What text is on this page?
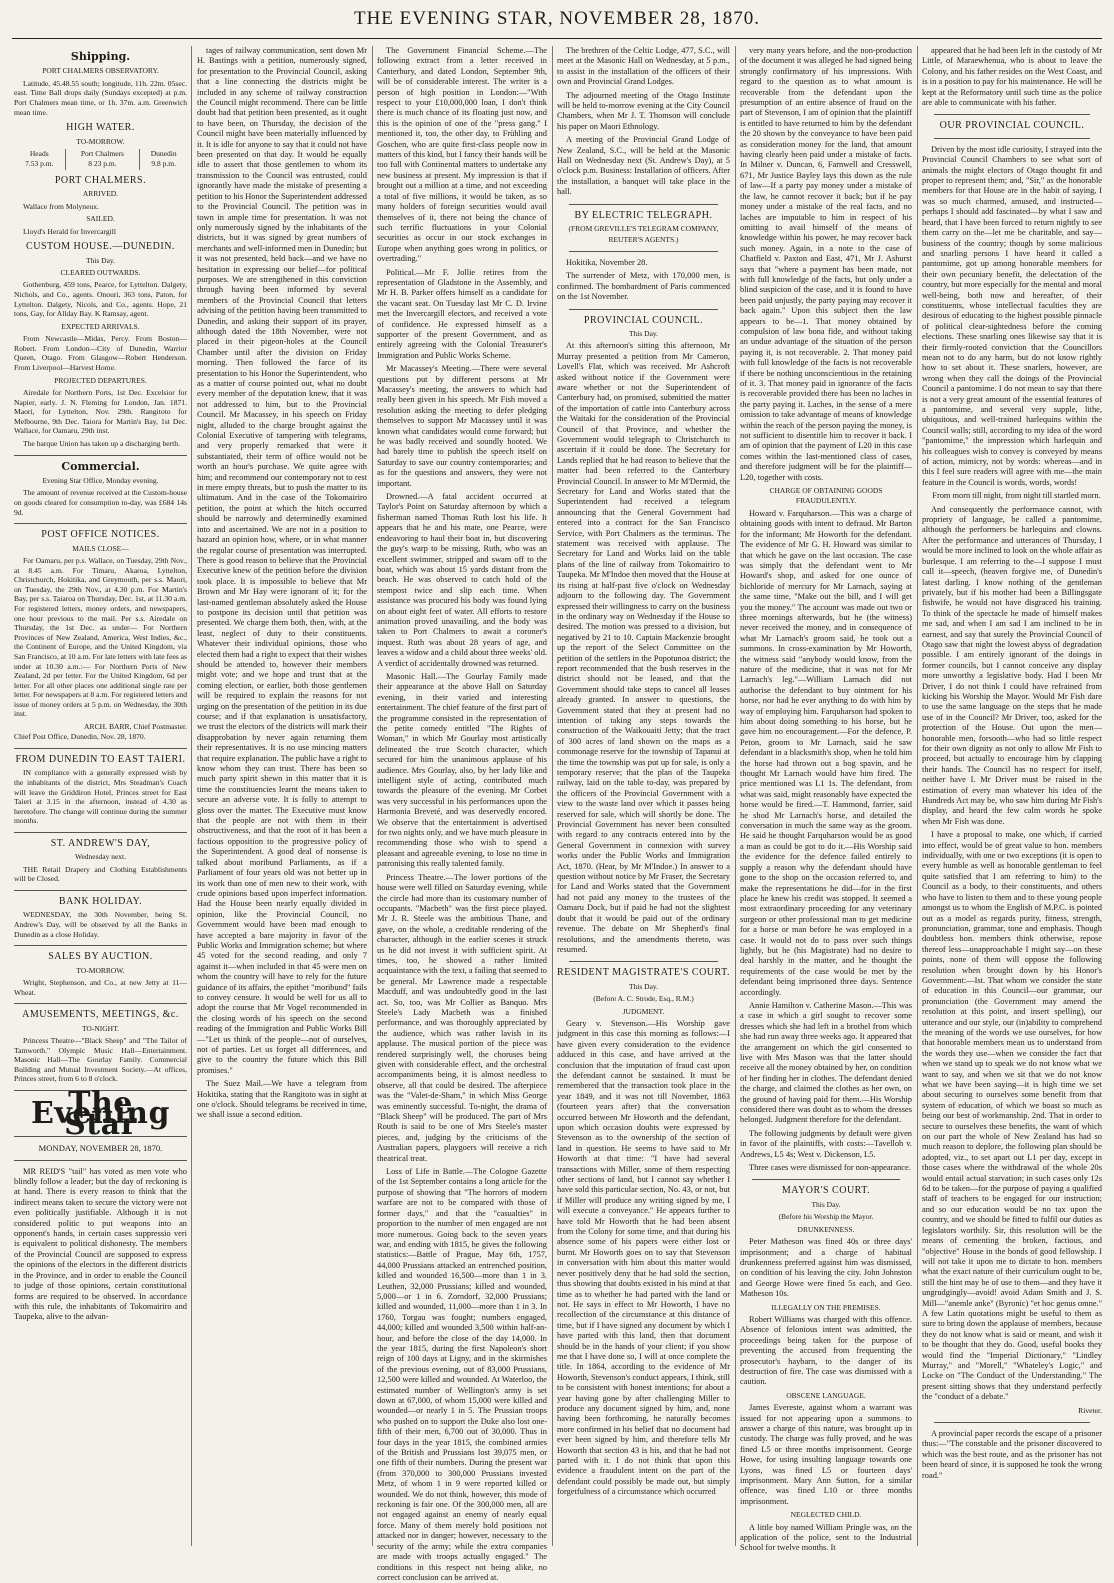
THE EVENING STAR, NOVEMBER 28, 1870.
Shipping.
PORT CHALMERS OBSERVATORY.

Latitude, 45.48.55 south; longitude, 11h. 22m. 05sec. east. Time Ball drops daily (Sundays excepted) at p.m. Port Chalmers mean time, or 1h. 37m. a.m. Greenwich mean time.

HIGH WATER.
TO-MORROW.
Heads	Port Chalmers	Dunedin
7.53 p.m.	8 23 p.m.	9.8 p.m.
PORT CHALMERS.
ARRIVED.

Wallace from Molyneux.

SAILED.

Lloyd's Herald for Invercargill

CUSTOM HOUSE.—DUNEDIN.
This Day.
CLEARED OUTWARDS.

Gothenburg, 459 tons, Pearce, for Lyttelton. Dalgety, Nichols, and Co., agents. Onouri, 363 tons, Paton, for Lyttelton. Dalgety, Nicols, and Co., agents. Hope, 21 tons, Gay, for Allday Bay. K Ramsay, agent.

EXPECTED ARRIVALS.

From Newcastle—Midas, Percy. From Boston—Robert. From London—City of Dunedin, Warrior Queen, Otago. From Glasgow—Robert Henderson. From Liverpool—Harvest Home.

PROJECTED DEPARTURES.

Airedale for Northern Ports, 1st Dec. Excelsior for Napier, early. J. N. Fleming for London, Jan. 1871. Maori, for Lyttelton, Nov. 29th. Rangitoto for Melbourne, 9th Dec. Taiora for Martin's Bay, 1st Dec. Wallace, for Oamaru, 29th inst.

The barque Union has taken up a discharging berth.

Commercial.
Evening Star Office, Monday evening.

The amount of revenue received at the Custom-house on goods cleared for consumption to-day, was £684 14s 9d.

POST OFFICE NOTICES.
MAILS CLOSE—

For Oamaru, per p.s. Wallace, on Tuesday, 29th Nov., at 8.45 a.m. For Timaru, Akaroa, Lyttelton, Christchurch, Hokitika, and Greymouth, per s.s. Maori, on Tuesday, the 29th Nov., at 4.30 p.m. For Martin's Bay, per s.s. Taiaroa on Thursday, Dec. 1st, at 11.30 a.m. For registered letters, money orders, and newspapers, one hour previous to the mail. Per s.s. Airedale on Thursday, the 1st Dec. as under— For Northern Provinces of New Zealand, America, West Indies, &c., the Continent of Europe, and the United Kingdom, via San Francisco, at 10 a.m. For late letters with late fees as under at 10.30 a.m.:— For Northern Ports of New Zealand, 2d per letter. For the United Kingdom, 6d per letter. For all other places one additional single rate per letter. For newspapers at 8 a.m. For registered letters and issue of money orders at 5 p.m. on Wednesday, the 30th inst.

ARCH. BARR, Chief Postmaster.
Chief Post Office, Dunedin, Nov. 28, 1870.
FROM DUNEDIN TO EAST TAIERI.

IN compliance with a generally expressed wish by the inhabitants of the district, Mrs Steadman's Coach will leave the Griddiron Hotel, Princes street for East Taieri at 3.15 in the afternoon, instead of 4.30 as heretofore. The change will continue during the summer months.

ST. ANDREW'S DAY,
Wednesday next.

THE Retail Drapery and Clothing Establishments will be Closed.

BANK HOLIDAY.

WEDNESDAY, the 30th November, being St. Andrew's Day, will be observed by all the Banks in Dunedin as a close Holiday.

SALES BY AUCTION.
TO-MORROW.

Wright, Stephenson, and Co., at new Jetty at 11—Wheat.

AMUSEMENTS, MEETINGS, &c.
TO-NIGHT.

Princess Theatre—"Black Sheep" and "The Tailor of Tamworth." Olympic Music Hall—Entertainment. Masonic Hall—The Gourlay Family. Commercial Building and Mutual Investment Society.—At offices, Princes street, from 6 to 8 o'clock.

The Evening Star
MONDAY, NOVEMBER 28, 1870.

MR REID'S "tail" has voted as men vote who blindly follow a leader; but the day of reckoning is at hand. There is every reason to think that the indirect means taken to secure the victory were not even politically justifiable. Although it is not considered politic to put weapons into an opponent's hands, in certain cases suppressio veri is equivalent to political dishonesty. The members of the Provincial Council are supposed to express the opinions of the electors in the different districts in the Province, and in order to enable the Council to judge of those opinions, certain constitutional forms are required to be observed. In accordance with this rule, the inhabitants of Tokomairiro and Taupeka, alive to the advan-

tages of railway communication, sent down Mr H. Bastings with a petition, numerously signed, for presentation to the Provincial Council, asking that a line connecting the districts might be included in any scheme of railway construction the Council might recommend. There can be little doubt had that petition been presented, as it ought to have been, on Thursday, the decision of the Council might have been materially influenced by it. It is idle for anyone to say that it could not have been presented on that day. It would be equally idle to assert that those gentlemen to whom its transmission to the Council was entrusted, could ignorantly have made the mistake of presenting a petition to his Honor the Superintendent addressed to the Provincial Council. The petition was in town in ample time for presentation. It was not only numerously signed by the inhabitants of the districts, but it was signed by great numbers of merchants and well-informed men in Dunedin; but it was not presented, held back—and we have no hesitation in expressing our belief—for political purposes. We are strengthened in this conviction through having been informed by several members of the Provincial Council that letters advising of the petition having been transmitted to Dunedin, and asking their support of its prayer, although dated the 18th November, were not placed in their pigeon-holes at the Council Chamber until after the division on Friday morning. Then followed the farce of its presentation to his Honor the Superintendent, who as a matter of course pointed out, what no doubt every member of the deputation knew, that it was not addressed to him, but to the Provincial Council. Mr Macassey, in his speech on Friday night, alluded to the charge brought against the Colonial Executive of tampering with telegrams, and very properly remarked that were it substantiated, their term of office would not be worth an hour's purchase. We quite agree with him; and recommend our contemporary not to rest in mere empty threats, but to push the matter to its ultimatum. And in the case of the Tokomairiro petition, the point at which the hitch occurred should be narrowly and determinedly examined into and ascertained. We are not in a position to hazard an opinion how, where, or in what manner the regular course of presentation was interrupted. There is good reason to believe that the Provincial Executive knew of the petition before the division took place. It is impossible to believe that Mr Brown and Mr Hay were ignorant of it; for the last-named gentleman absolutely asked the House to postpone its decision until that petition was presented. We charge them both, then, with, at the least, neglect of duty to their constituents. Whatever their individual opinions, those who elected them had a right to expect that their wishes should be attended to, however their members might vote; and we hope and trust that at the coming election, or earlier, both those gentlemen will be required to explain the reasons for not urging on the presentation of the petition in its due course; and if that explanation is unsatisfactory, we trust the electors of the districts will mark their disapprobation by never again returning them their representatives. It is no use mincing matters that require explanation. The public have a right to know whom they can trust. There has been so much party spirit shewn in this matter that it is time the constituencies learnt the means taken to secure an adverse vote. It is folly to attempt to gloss over the matter. The Executive must know that the people are not with them in their obstructiveness, and that the root of it has been a factious opposition to the progressive policy of the Superintendent. A good deal of nonsense is talked about moribund Parliaments, as if a Parliament of four years old was not better up in its work than one of men new to their work, with crude opinions based upon imperfect information. Had the House been nearly equally divided in opinion, like the Provincial Council, no Government would have been mad enough to have accepted a bare majority in favor of the Public Works and Immigration scheme; but where 45 voted for the second reading, and only 7 against it—when included in that 45 were men on whom the country will have to rely for the future guidance of its affairs, the epithet "moribund" fails to convey censure. It would be well for us all to adopt the course that Mr Vogel recommended in the closing words of his speech on the second reading of the Immigration and Public Works Bill—"Let us think of the people—not of ourselves, not of parties. Let us forget all differences, and give to the country the future which this Bill promises."

The Suez Mail.—We have a telegram from Hokitika, stating that the Rangitoto was in sight at one o'clock. Should telegrams be received in time, we shall issue a second edition.

The Government Financial Scheme.—The following extract from a letter received in Canterbury, and dated London, September 9th, will be of considerable interest. The writer is a person of high position in London:—"With respect to your £10,000,000 loan, I don't think there is much chance of its floating just now, and this is the opinion of one of the "press gang." I mentioned it, too, the other day, to Frühling and Goschen, who are quite first-class people now in matters of this kind, but I fancy their hands will be too full with Continental matters to undertake any new business at present. My impression is that if brought out a million at a time, and not exceeding a total of five millions, it would be taken, as so many holders of foreign securities would avail themselves of it, there not being the chance of such terrific fluctuations in your Colonial securities as occur in our stock exchanges in Europe when anything goes wrong in politics, or overtrading."

Political.—Mr F. Jollie retires from the representation of Gladstone in the Assembly, and Mr H. B. Parker offers himself as a candidate for the vacant seat. On Tuesday last Mr C. D. Irvine met the Invercargill electors, and received a vote of confidence. He expressed himself as a supporter of the present Government, and as entirely agreeing with the Colonial Treasurer's Immigration and Public Works Scheme.

Mr Macassey's Meeting.—There were several questions put by different persons at Mr Macassey's meeting, the answers to which had really been given in his speech. Mr Fish moved a resolution asking the meeting to defer pledging themselves to support Mr Macassey until it was known what candidates would come forward; but he was badly received and soundly hooted. We had barely time to publish the speech itself on Saturday to save our country contemporaries; and as for the questions and answers, they were not important.

Drowned.—A fatal accident occurred at Taylor's Point on Saturday afternoon by which a fisherman named Thomas Ruth lost his life. It appears that he and his mate, one Pearce, were endeavoring to haul their boat in, but discovering the guy's warp to be missing, Ruth, who was an excellent swimmer, stripped and swam off to the boat, which was about 15 yards distant from the beach. He was observed to catch hold of the stempost twice and slip each time. When assistance was procured his body was found lying on about eight feet of water. All efforts to restore animation proved unavailing, and the body was taken to Port Chalmers to await a coroner's inquest. Ruth was about 28 years of age, and leaves a widow and a child about three weeks' old. A verdict of accidentally drowned was returned.

Masonic Hall.—The Gourlay Family made their appearance at the above Hall on Saturday evening, in their varied and interesting entertainment. The chief feature of the first part of the programme consisted in the representation of the petite comedy entitled "The Rights of Woman," in which Mr Gourlay most artistically delineated the true Scotch character, which secured for him the unanimous applause of his audience. Mrs Gourlay, also, by her lady like and intelligent style of acting, contributed much towards the pleasure of the evening. Mr Corbet was very successful in his performances upon the Harmonia Breveté, and was deservedly encored. We observe that the entertainment is advertised for two nights only, and we have much pleasure in recommending those who wish to spend a pleasant and agreeable evening, to lose no time in patronising this really talented family.

Princess Theatre.—The lower portions of the house were well filled on Saturday evening, while the circle had more than its customary number of occupants. "Macbeth" was the first piece played. Mr J. R. Steele was the ambitious Thane, and gave, on the whole, a creditable rendering of the character, although in the earlier scenes it struck us he did not invest it with sufficient spirit. At times, too, he showed a rather limited acquaintance with the text, a failing that seemed to be general. Mr Lawrence made a respectable Macduff, and was undoubtedly good in the last act. So, too, was Mr Collier as Banquo. Mrs Steele's Lady Macbeth was a finished performance, and was thoroughly appreciated by the audience, which was rather lavish in its applause. The musical portion of the piece was rendered surprisingly well, the choruses being given with considerable effect, and the orchestral accompaniments being, it is almost needless to observe, all that could be desired. The afterpiece was the "Valet-de-Sham," in which Miss George was eminently successful. To-night, the drama of "Black Sheep" will be produced. The part of Mrs Routh is said to be one of Mrs Steele's master pieces, and, judging by the criticisms of the Australian papers, playgoers will receive a rich theatrical treat.

Loss of Life in Battle.—The Cologne Gazette of the 1st September contains a long article for the purpose of showing that "The horrors of modern warfare are not to be compared with those of former days," and that the "casualties" in proportion to the number of men engaged are not more numerous. Going back to the seven years war, and ending with 1815, he gives the following statistics:—Battle of Prague, May 6th, 1757, 44,000 Prussians attacked an entrenched position, killed and wounded 16,500—more than 1 in 3. Leuthen, 32,000 Prussians; killed and wounded, 5,000—or 1 in 6. Zorndorf, 32,000 Prussians; killed and wounded, 11,000—more than 1 in 3. In 1760, Torgau was fought; numbers engaged, 44,000; killed and wounded 3,500 within half-an-hour, and before the close of the day 14,000. In the year 1815, during the first Napoleon's short reign of 100 days at Ligny, and in the skirmishes of the previous evening, out of 83,000 Prussians, 12,500 were killed and wounded. At Waterloo, the estimated number of Wellington's army is set down at 67,000, of whom 15,000 were killed and wounded—or nearly 1 in 5. The Prussian troops who pushed on to support the Duke also lost one-fifth of their men, 6,700 out of 30,000. Thus in four days in the year 1815, the combined armies of the British and Prussians lost 39,075 men, or one fifth of their numbers. During the present war (from 370,000 to 300,000 Prussians invested Metz, of whom 1 in 9 were reported killed or wounded. We do not think, however, this mode of reckoning is fair one. Of the 300,000 men, all are not engaged against an enemy of nearly equal force. Many of them merely hold positions not attacked nor in danger; however, necessary to the security of the army; while the extra companies are made with troops actually engaged." The conditions in this respect not being alike, no correct conclusion can be arrived at.

The brethren of the Celtic Lodge, 477, S.C., will meet at the Masonic Hall on Wednesday, at 5 p.m., to assist in the installation of the officers of their own and Provincial Grand Lodges.

The adjourned meeting of the Otago Institute will be held to-morrow evening at the City Council Chambers, when Mr J. T. Thomson will conclude his paper on Maori Ethnology.

A meeting of the Provincial Grand Lodge of New Zealand, S.C., will be held at the Masonic Hall on Wednesday next (St. Andrew's Day), at 5 o'clock p.m. Business: Installation of officers. After the installation, a banquet will take place in the hall.

BY ELECTRIC TELEGRAPH.
(FROM GREVILLE'S TELEGRAM COMPANY, REUTER'S AGENTS.)

Hokitika, November 28.

The surrender of Metz, with 170,000 men, is confirmed. The bombardment of Paris commenced on the 1st November.

PROVINCIAL COUNCIL.
This Day.

At this afternoon's sitting this afternoon, Mr Murray presented a petition from Mr Cameron, Lovell's Flat, which was received. Mr Ashcroft asked without notice if the Government were aware whether or not the Superintendent of Canterbury had, on promised, submitted the matter of the importation of cattle into Canterbury across the Waitaki for the consideration of the Provincial Council of that Province, and whether the Government would telegraph to Christchurch to ascertain if it could be done. The Secretary for Lands replied that he had reason to believe that the matter had been referred to the Canterbury Provincial Council. In answer to Mr M'Dermid, the Secretary for Land and Works stated that the Superintendent had received a telegram announcing that the General Government had entered into a contract for the San Francisco Service, with Port Chalmers as the terminus. The statement was received with applause. The Secretary for Land and Works laid on the table plans of the line of railway from Tokomairiro to Taupeka. Mr M'Indoe then moved that the House at its rising at half-past five o'clock on Wednesday adjourn to the following day. The Government expressed their willingness to carry on the business in the ordinary way on Wednesday if the House so desired. The motion was pressed to a division, but negatived by 21 to 10. Captain Mackenzie brought up the report of the Select Committee on the petition of the settlers in the Popotunoa district; the report recommended that the bush reserves in the district should not be leased, and that the Government should take steps to cancel all leases already granted. In answer to questions, the Government stated that they at present had no intention of taking any steps towards the construction of the Waikouaiti Jetty; that the tract of 300 acres of land shown on the maps as a commonage reserve for the township of Tapanui at the time the township was put up for sale, is only a temporary reserve; that the plan of the Taupeka railway, laid on the table to-day, was prepared by the officers of the Provincial Government with a view to the waste land over which it passes being reserved for sale, which will shortly be done. The Provincial Government has never been consulted with regard to any contracts entered into by the General Government in connexion with survey works under the Public Works and Immigration Act, 1870. (Hear, by Mr M'Indoe.) In answer to a question without notice by Mr Fraser, the Secretary for Land and Works stated that the Government had not paid any money to the trustees of the Oamaru Dock, but if paid he had not the slightest doubt that it would be paid out of the ordinary revenue. The debate on Mr Shepherd's final resolutions, and the amendments thereto, was resumed.

RESIDENT MAGISTRATE'S COURT.
This Day.
(Before A. C. Strode, Esq., R.M.)
JUDGMENT.

Geary v. Stevenson.—His Worship gave judgment in this case this morning as follows:—I have given every consideration to the evidence adduced in this case, and have arrived at the conclusion that the imputation of fraud cast upon the defendant cannot be sustained. It must be remembered that the transaction took place in the year 1849, and it was not till November, 1863 (fourteen years after) that the conversation occurred between Mr Howorth and the defendant, upon which occasion doubts were expressed by Stevenson as to the ownership of the section of land in question. He seems to have said to Mr Howorth at that time: "I have had several transactions with Miller, some of them respecting other sections of land, but I cannot say whether I have sold this particular section, No. 43, or not, but if Miller will produce any writing signed by me, I will execute a conveyance." He appears further to have told Mr Howorth that he had been absent from the Colony for some time, and that during his absence some of his papers were either lost or burnt. Mr Howorth goes on to say that Stevenson in conversation with him about this matter would never positively deny that he had sold the section, thus showing that doubts existed in his mind at that time as to whether he had parted with the land or not. He says in effect to Mr Howorth, I have no recollection of the circumstance at this distance of time, but if I have signed any document by which I have parted with this land, then that document should be in the hands of your client; if you show me that I have done so, I will at once complete the title. In 1864, according to the evidence of Mr Howorth, Stevenson's conduct appears, I think, still to be consistent with honest intentions; for about a year having gone by after challenging Miller to produce any document signed by him, and, none having been forthcoming, he naturally becomes more confirmed in his belief that no document had ever been signed by him, and therefore tells Mr Howorth that section 43 is his, and that he had not parted with it. I do not think that upon this evidence a fraudulent intent on the part of the defendant could possibly be made out, but simply forgetfulness of a circumstance which occurred

very many years before, and the non-production of the document it was alleged he had signed being strongly confirmatory of his impressions. With regard to the question as to what amount is recoverable from the defendant upon the presumption of an entire absence of fraud on the part of Stevenson, I am of opinion that the plaintiff is entitled to have returned to him by the defendant the 20 shown by the conveyance to have been paid as consideration money for the land, that amount having clearly been paid under a mistake of facts. In Milner v. Duncan, 6, Farnwell and Cresswell, 671, Mr Justice Bayley lays this down as the rule of law—If a party pay money under a mistake of the law, he cannot recover it back; but if he pay money under a mistake of the real facts, and no laches are imputable to him in respect of his omitting to avail himself of the means of knowledge within his power, he may recover back such money. Again, in a note to the case of Chatfield v. Paxton and East, 471, Mr J. Ashurst says that "where a payment has been made, not with full knowledge of the facts, but only under a blind suspicion of the case, and it is found to have been paid unjustly, the party paying may recover it back again." Upon this subject then the law appears to be—1. That money obtained by compulsion of law bona fide, and without taking an undue advantage of the situation of the person paying it, is not recoverable. 2. That money paid with full knowledge of the facts is not recoverable if there be nothing unconscientious in the retaining of it. 3. That money paid in ignorance of the facts is recoverable provided there has been no laches in the party paying it. Laches, in the sense of a mere omission to take advantage of means of knowledge within the reach of the person paying the money, is not sufficient to disentitle him to recover it back. I am of opinion that the payment of L20 in this case comes within the last-mentioned class of cases, and therefore judgment will be for the plaintiff—L20, together with costs.

CHARGE OF OBTAINING GOODS FRAUDULENTLY.

Howard v. Farquharson.—This was a charge of obtaining goods with intent to defraud. Mr Barton for the informant; Mr Howorth for the defendant. The evidence of Mr G. H. Howard was similar to that which he gave on the last occasion. The case was simply that the defendant went to Mr Howard's shop, and asked for one ounce of bichloride of mercury for Mr Larnach, saying at the same time, "Make out the bill, and I will get you the money." The account was made out two or three mornings afterwards, but he (the witness) never received the money, and in consequence of what Mr Larnach's groom said, he took out a summons. In cross-examination by Mr Howorth, the witness said "anybody would know, from the nature of the medicine, that it was not for Mr Larnach's leg."—William Larnach did not authorise the defendant to buy ointment for his horse, nor had he ever anything to do with him by way of employing him. Farquharson had spoken to him about doing something to his horse, but he gave him no encouragement.—For the defence, P. Peton, groom to Mr Larnach, said he saw defendant in a blacksmith's shop, when he told him the horse had thrown out a bog spavin, and he thought Mr Larnach would have him fired. The price mentioned was L1 1s. The defendant, from what was said, might reasonably have expected the horse would be fired.—T. Hammond, farrier, said he shod Mr Larnach's horse, and detailed the conversation in much the same way as the groom. He said he thought Farquharson would be as good a man as could be got to do it.—His Worship said the evidence for the defence failed entirely to supply a reason why the defendant should have gone to the shop on the occasion referred to, and make the representations he did—for in the first place he knew his credit was stopped. It seemed a most extraordinary proceeding for any veterinary surgeon or other professional man to get medicine for a horse or man before he was employed in a case. It would not do to pass over such things lightly, but he (his Magistrate) had no desire to deal harshly in the matter, and he thought the requirements of the case would be met by the defendant being imprisoned three days. Sentence accordingly.

Annie Hamilton v. Catherine Mason.—This was a case in which a girl sought to recover some dresses which she had left in a brothel from which she had run away three weeks ago. It appeared that the arrangement on which the girl consented to live with Mrs Mason was that the latter should receive all the money obtained by her, on condition of her finding her in clothes. The defendant denied the charge, and claimed the clothes as her own, on the ground of having paid for them.—His Worship considered there was doubt as to whom the dresses belonged. Judgment therefore for the defendant.

The following judgments by default were given in favor of the plaintiffs, with costs:—Tavelloh v. Andrews, L5 4s; West v. Dickenson, L5.

Three cases were dismissed for non-appearance.

MAYOR'S COURT.
This Day.
(Before his Worship the Mayor.
DRUNKENNESS.

Peter Matheson was fined 40s or three days' imprisonment; and a charge of habitual drunkenness preferred against him was dismissed, on condition of his leaving the city. John Johnston and George Howe were fined 5s each, and Geo. Matheson 10s.

ILLEGALLY ON THE PREMISES.

Robert Williams was charged with this offence. Absence of felonious intent was admitted, the proceedings being taken for the purpose of preventing the accused from frequenting the prosecutor's haybarn, to the danger of its destruction of fire. The case was dismissed with a caution.

OBSCENE LANGUAGE.

James Evereste, against whom a warrant was issued for not appearing upon a summons to answer a charge of this nature, was brought up in custody. The charge was fully proved, and he was fined L5 or three months imprisonment. George Howe, for using insulting language towards one Lyons, was fined L5 or fourteen days' imprisonment. Mary Ann Sutton, for a similar offence, was fined L10 or three months imprisonment.

NEGLECTED CHILD.

A little boy named William Pringle was, on the application of the police, sent to the Industrial School for twelve months. It

appeared that he had been left in the custody of Mr Little, of Maraewhenua, who is about to leave the Colony, and his father resides on the West Coast, and is in a position to pay for his maintenance. He will be kept at the Reformatory until such time as the police are able to communicate with his father.

OUR PROVINCIAL COUNCIL.

Driven by the most idle curiosity, I strayed into the Provincial Council Chambers to see what sort of animals the might electors of Otago thought fit and proper to represent them; and, "Sir," as the honorable members for that House are in the habit of saying, I was so much charmed, amused, and instructed—perhaps I should add fascinated—by what I saw and heard, that I have been forced to return nightly to see them carry on the—let me be charitable, and say—business of the country; though by some malicious and snarling persons I have heard it called a pantomime, got up among honorable members for their own pecuniary benefit, the delectation of the country, but more especially for the mental and moral well-being, both now and hereafter, of their constituents, whose intellectual faculties they are desirous of educating to the highest possible pinnacle of political clear-sightedness before the coming elections. These snarling ones likewise say that it is their firmly-rooted conviction that the Councillors mean not to do any harm, but do not know rightly how to set about it. These snarlers, however, are wrong when they call the doings of the Provincial Council a pantomime. I do not mean to say that there is not a very great amount of the essential features of a pantomime, and several very supple, lithe, ubiquitous, and well-trained harlequins within the Council walls; still, according to my idea of the word "pantomime," the impression which harlequin and his colleagues wish to convey is conveyed by means of action, mimicry, not by words: whereas—and in this I feel sure readers will agree with me—the main feature in the Council is words, words, words!

From morn till night, from night till startled morn.

And consequently the performance cannot, with propriety of language, be called a pantomime, although the performers be harlequins and clowns. After the performance and utterances of Thursday, I would be more inclined to look on the whole affair as burlesque. I am referring to the—I suppose I must call it—speech, (heaven forgive me, of Dunedin's latest darling. I know nothing of the gentleman privately, but if his mother had been a Billingsgate fishwife, he would not have disgraced his training. To think of the spectacle he made of himself makes me sad, and when I am sad I am inclined to be in earnest, and say that surely the Provincial Council of Otago saw that night the lowest abyss of degradation possible. I am entirely ignorant of the doings in former councils, but I cannot conceive any display more unworthy a legislative body. Had I been Mr Driver, I do not think I could have refrained from kicking his Worship the Mayor. Would Mr Fish dare to use the same language on the steps that he made use of in the Council? Mr Driver, too, asked for the protection of the House. Out upon the men—honorable men, forsooth—who had so little respect for their own dignity as not only to allow Mr Fish to proceed, but actually to encourage him by clapping their hands. The Council has no respect for itself, neither have I. Mr Driver must be raised in the estimation of every man whatever his idea of the Hundreds Act may be, who saw him during Mr Fish's display, and heard the few calm words he spoke when Mr Fish was done.

I have a proposal to make, one which, if carried into effect, would be of great value to hon. members individually, with one or two exceptions (it is open to every humble as well as honorable gentleman to feel quite satisfied that I am referring to him) to the Council as a body, to their constituents, and others who have to listen to them and to these young people amongst us to whom the English of M.P.C. is pointed out as a model as regards purity, fitness, strength, pronunciation, grammar, tone and emphasis. Though doubtless hon. members think otherwise, repose thereof less—unapproachable I might say—on these points, none of them will oppose the following resolution when brought down by his Honor's Government:—Ist. That whom we consider the state of education in this Council—our grammar, our pronunciation (the Government may amend the resolution at this point, and insert spelling), our utterance and our style, our (in)ability to comprehend the meaning of the words we use ourselves, for how that honorable members mean us to understand from the words they use—when we consider the fact that when we stand up to speak we do not know what we want to say, and when we sit that we do not know what we have been saying—it is high time we set about securing to ourselves some benefit from that system of education, of which we boast so much as being our best of workmanship. 2nd. That in order to secure to ourselves these benefits, the want of which on our part the whole of New Zealand has had so much reason to deplore, the following plan should be adopted, viz., to set apart out L1 per day, except in those cases where the withdrawal of the whole 20s would entail actual starvation; in such cases only 12s 6d to be taken—for the purpose of paying a qualified staff of teachers to be engaged for our instruction; and so our education would be no tax upon the country, and we should be fitted to fulfil our duties as legislators worthily. Sir, this resolution will be the means of cementing the broken, factious, and "objective" House in the bonds of good fellowship. I will not take it upon me to dictate to hon. members what the exact nature of their curriculum ought to be, still the hint may be of use to them—and they have it ungrudgingly—avoid! avoid Adam Smith and J. S. Mill—"anemle anke" (Byronic) "et hoc genus omne." A few Latin quotations might be useful to them as sure to bring down the applause of members, because they do not know what is said or meant, and wish it to be thought that they do. Good, useful books they would find the "Imperial Dictionary," "Lindley Murray," and "Morell," "Whateley's Logic," and Locke on "The Conduct of the Understanding." The present sitting shows that they understand perfectly the "conduct of a debate."

Riveter.

A provincial paper records the escape of a prisoner thus:—"The constable and the prisoner discovered to which was the best route, and as the prisoner has not been heard of since, it is supposed he took the wrong road."
